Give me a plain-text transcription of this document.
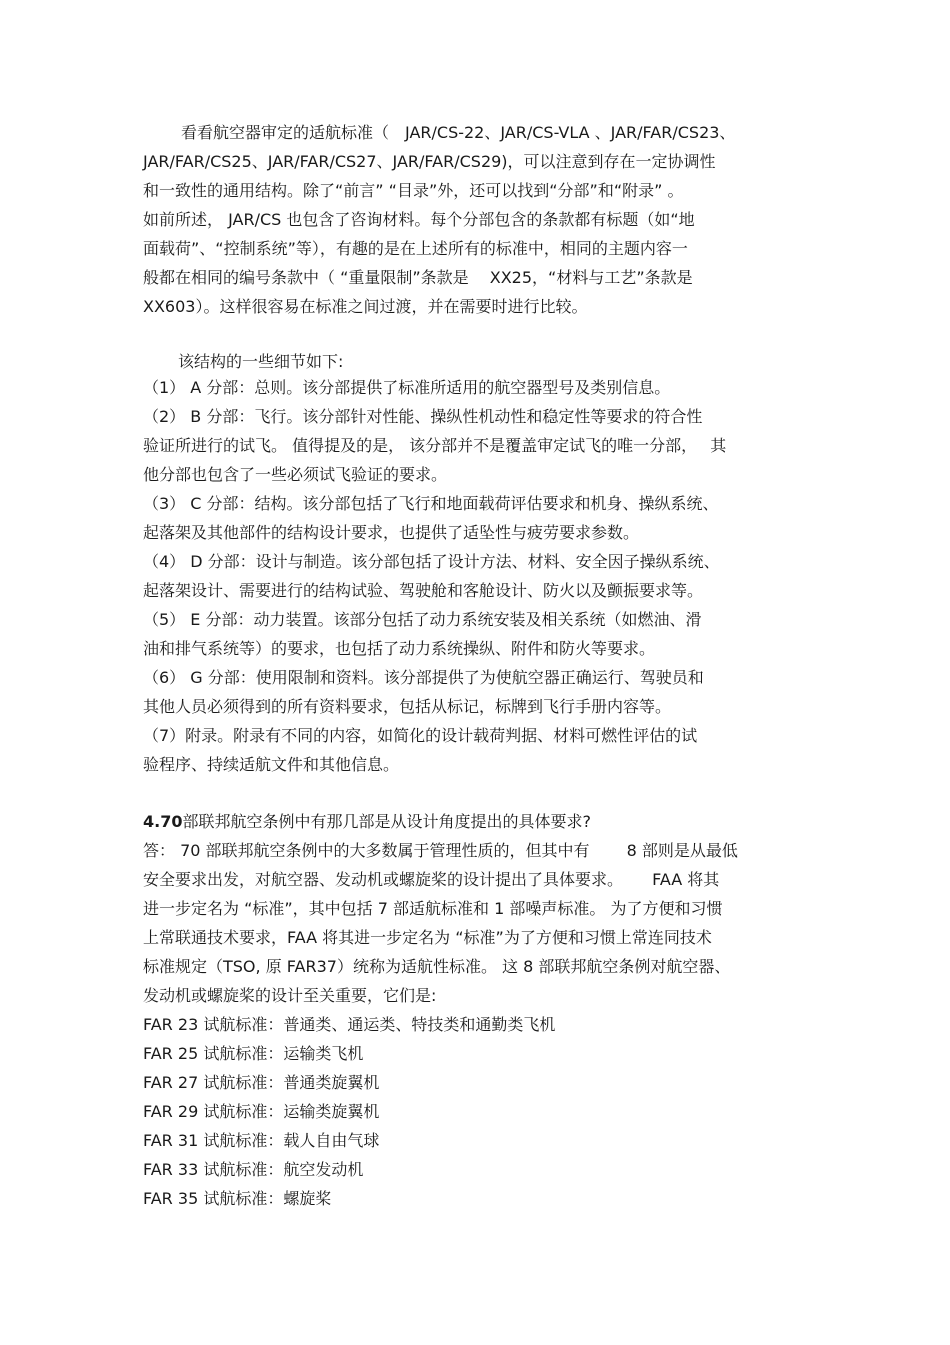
看看航空器审定的适航标准（　JAR/CS-22、JAR/CS-VLA 、JAR/FAR/CS23、
JAR/FAR/CS25、JAR/FAR/CS27、JAR/FAR/CS29)，可以注意到存在一定协调性
和一致性的通用结构。除了“前言” “目录”外，还可以找到“分部”和“附录” 。
如前所述， JAR/CS 也包含了咨询材料。每个分部包含的条款都有标题（如“地
面载荷”、“控制系统”等），有趣的是在上述所有的标准中，相同的主题内容一
般都在相同的编号条款中（ “重量限制”条款是　 XX25，“材料与工艺”条款是
XX603）。这样很容易在标准之间过渡，并在需要时进行比较。
该结构的一些细节如下:
（1） A 分部：总则。该分部提供了标准所适用的航空器型号及类别信息。
（2） B 分部：飞行。该分部针对性能、操纵性机动性和稳定性等要求的符合性
验证所进行的试飞。 值得提及的是， 该分部并不是覆盖审定试飞的唯一分部，　 其
他分部也包含了一些必须试飞验证的要求。
（3） C 分部：结构。该分部包括了飞行和地面载荷评估要求和机身、操纵系统、
起落架及其他部件的结构设计要求，也提供了适坠性与疲劳要求参数。
（4） D 分部：设计与制造。该分部包括了设计方法、材料、安全因子操纵系统、
起落架设计、需要进行的结构试验、驾驶舱和客舱设计、防火以及颤振要求等。
（5） E 分部：动力装置。该部分包括了动力系统安装及相关系统（如燃油、滑
油和排气系统等）的要求，也包括了动力系统操纵、附件和防火等要求。
（6） G 分部：使用限制和资料。该分部提供了为使航空器正确运行、驾驶员和
其他人员必须得到的所有资料要求，包括从标记，标牌到飞行手册内容等。
（7）附录。附录有不同的内容，如简化的设计载荷判据、材料可燃性评估的试
验程序、持续适航文件和其他信息。
4.70部联邦航空条例中有那几部是从设计角度提出的具体要求?
答： 70 部联邦航空条例中的大多数属于管理性质的，但其中有　　 8 部则是从最低
安全要求出发，对航空器、发动机或螺旋桨的设计提出了具体要求。　　 FAA 将其
进一步定名为 “标准”，其中包括 7 部适航标准和 1 部噪声标准。 为了方便和习惯
上常联通技术要求，FAA 将其进一步定名为 “标准”为了方便和习惯上常连同技术
标准规定（TSO, 原 FAR37）统称为适航性标准。 这 8 部联邦航空条例对航空器、
发动机或螺旋桨的设计至关重要，它们是:
FAR 23 试航标准：普通类、通运类、特技类和通勤类飞机
FAR 25 试航标准：运输类飞机
FAR 27 试航标准：普通类旋翼机
FAR 29 试航标准：运输类旋翼机
FAR 31 试航标准：载人自由气球
FAR 33 试航标准：航空发动机
FAR 35 试航标准：螺旋桨
